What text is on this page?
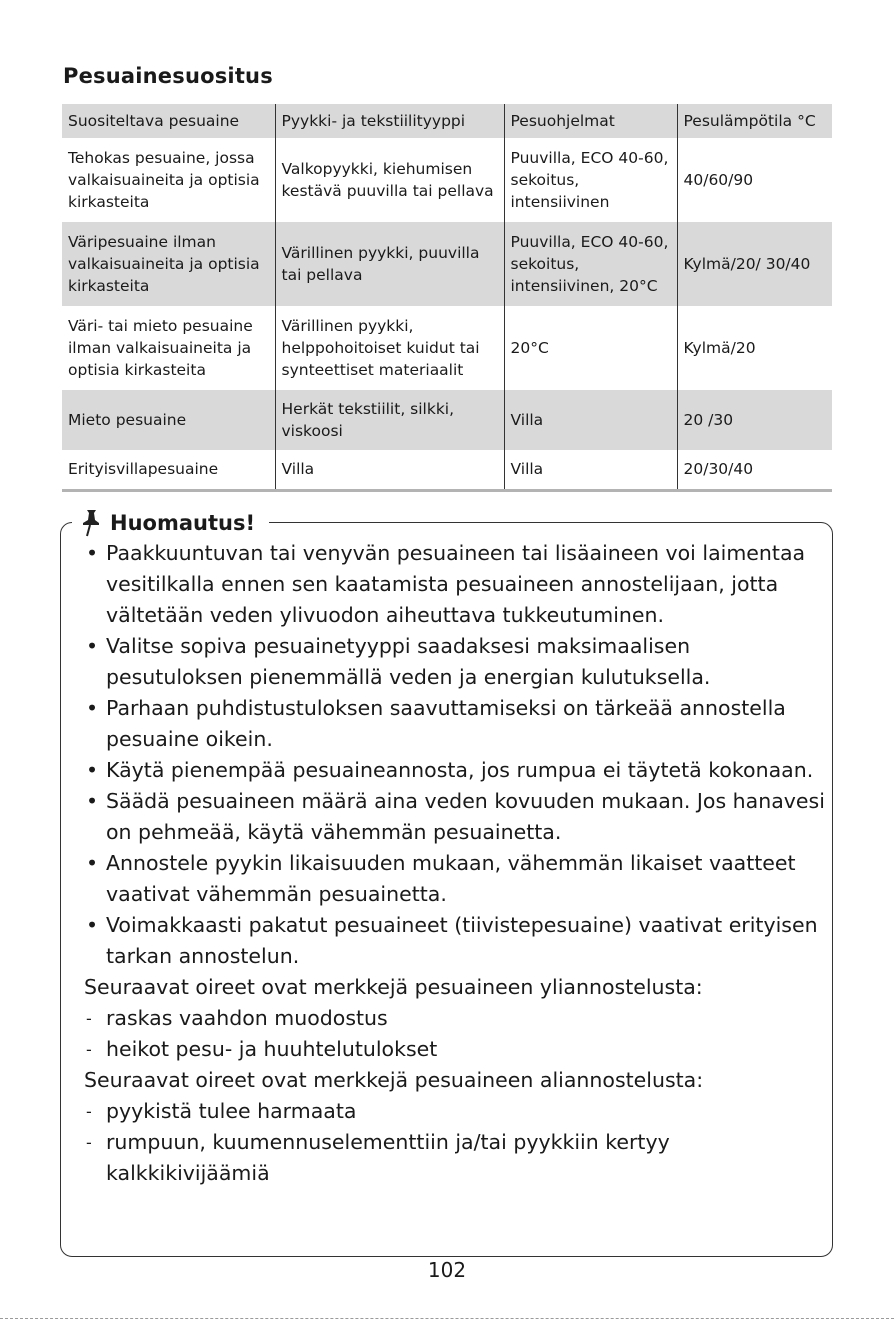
Pesuainesuositus
Suositeltava pesuaine	Pyykki- ja tekstiilityyppi	Pesuohjelmat	Pesulämpötila °C
Tehokas pesuaine, jossa valkaisuaineita ja optisia kirkasteita	Valkopyykki, kiehumisen kestävä puuvilla tai pellava	Puuvilla, ECO 40-60, sekoitus, intensiivinen	40/60/90
Väripesuaine ilman valkaisuaineita ja optisia kirkasteita	Värillinen pyykki, puuvilla tai pellava	Puuvilla, ECO 40-60, sekoitus, intensiivinen, 20°C	Kylmä/20/ 30/40
Väri- tai mieto pesuaine ilman valkaisuaineita ja optisia kirkasteita	Värillinen pyykki, helppohoitoiset kuidut tai synteettiset materiaalit	20°C	Kylmä/20
Mieto pesuaine	Herkät tekstiilit, silkki, viskoosi	Villa	20 /30
Erityisvillapesuaine	Villa	Villa	20/30/40
Huomautus!
• Paakkuuntuvan tai venyvän pesuaineen tai lisäaineen voi laimentaa vesitilkalla ennen sen kaatamista pesuaineen annostelijaan, jotta vältetään veden ylivuodon aiheuttava tukkeutuminen.
• Valitse sopiva pesuainetyyppi saadaksesi maksimaalisen pesutuloksen pienemmällä veden ja energian kulutuksella.
• Parhaan puhdistustuloksen saavuttamiseksi on tärkeää annostella pesuaine oikein.
• Käytä pienempää pesuaineannosta, jos rumpua ei täytetä kokonaan.
• Säädä pesuaineen määrä aina veden kovuuden mukaan. Jos hanavesi on pehmeää, käytä vähemmän pesuainetta.
• Annostele pyykin likaisuuden mukaan, vähemmän likaiset vaatteet vaativat vähemmän pesuainetta.
• Voimakkaasti pakatut pesuaineet (tiivistepesuaine) vaativat erityisen tarkan annostelun.

Seuraavat oireet ovat merkkejä pesuaineen yliannostelusta:

- raskas vaahdon muodostus
- heikot pesu- ja huuhtelutulokset

Seuraavat oireet ovat merkkejä pesuaineen aliannostelusta:

- pyykistä tulee harmaata
- rumpuun, kuumennuselementtiin ja/tai pyykkiin kertyy kalkkikivijäämiä
102
